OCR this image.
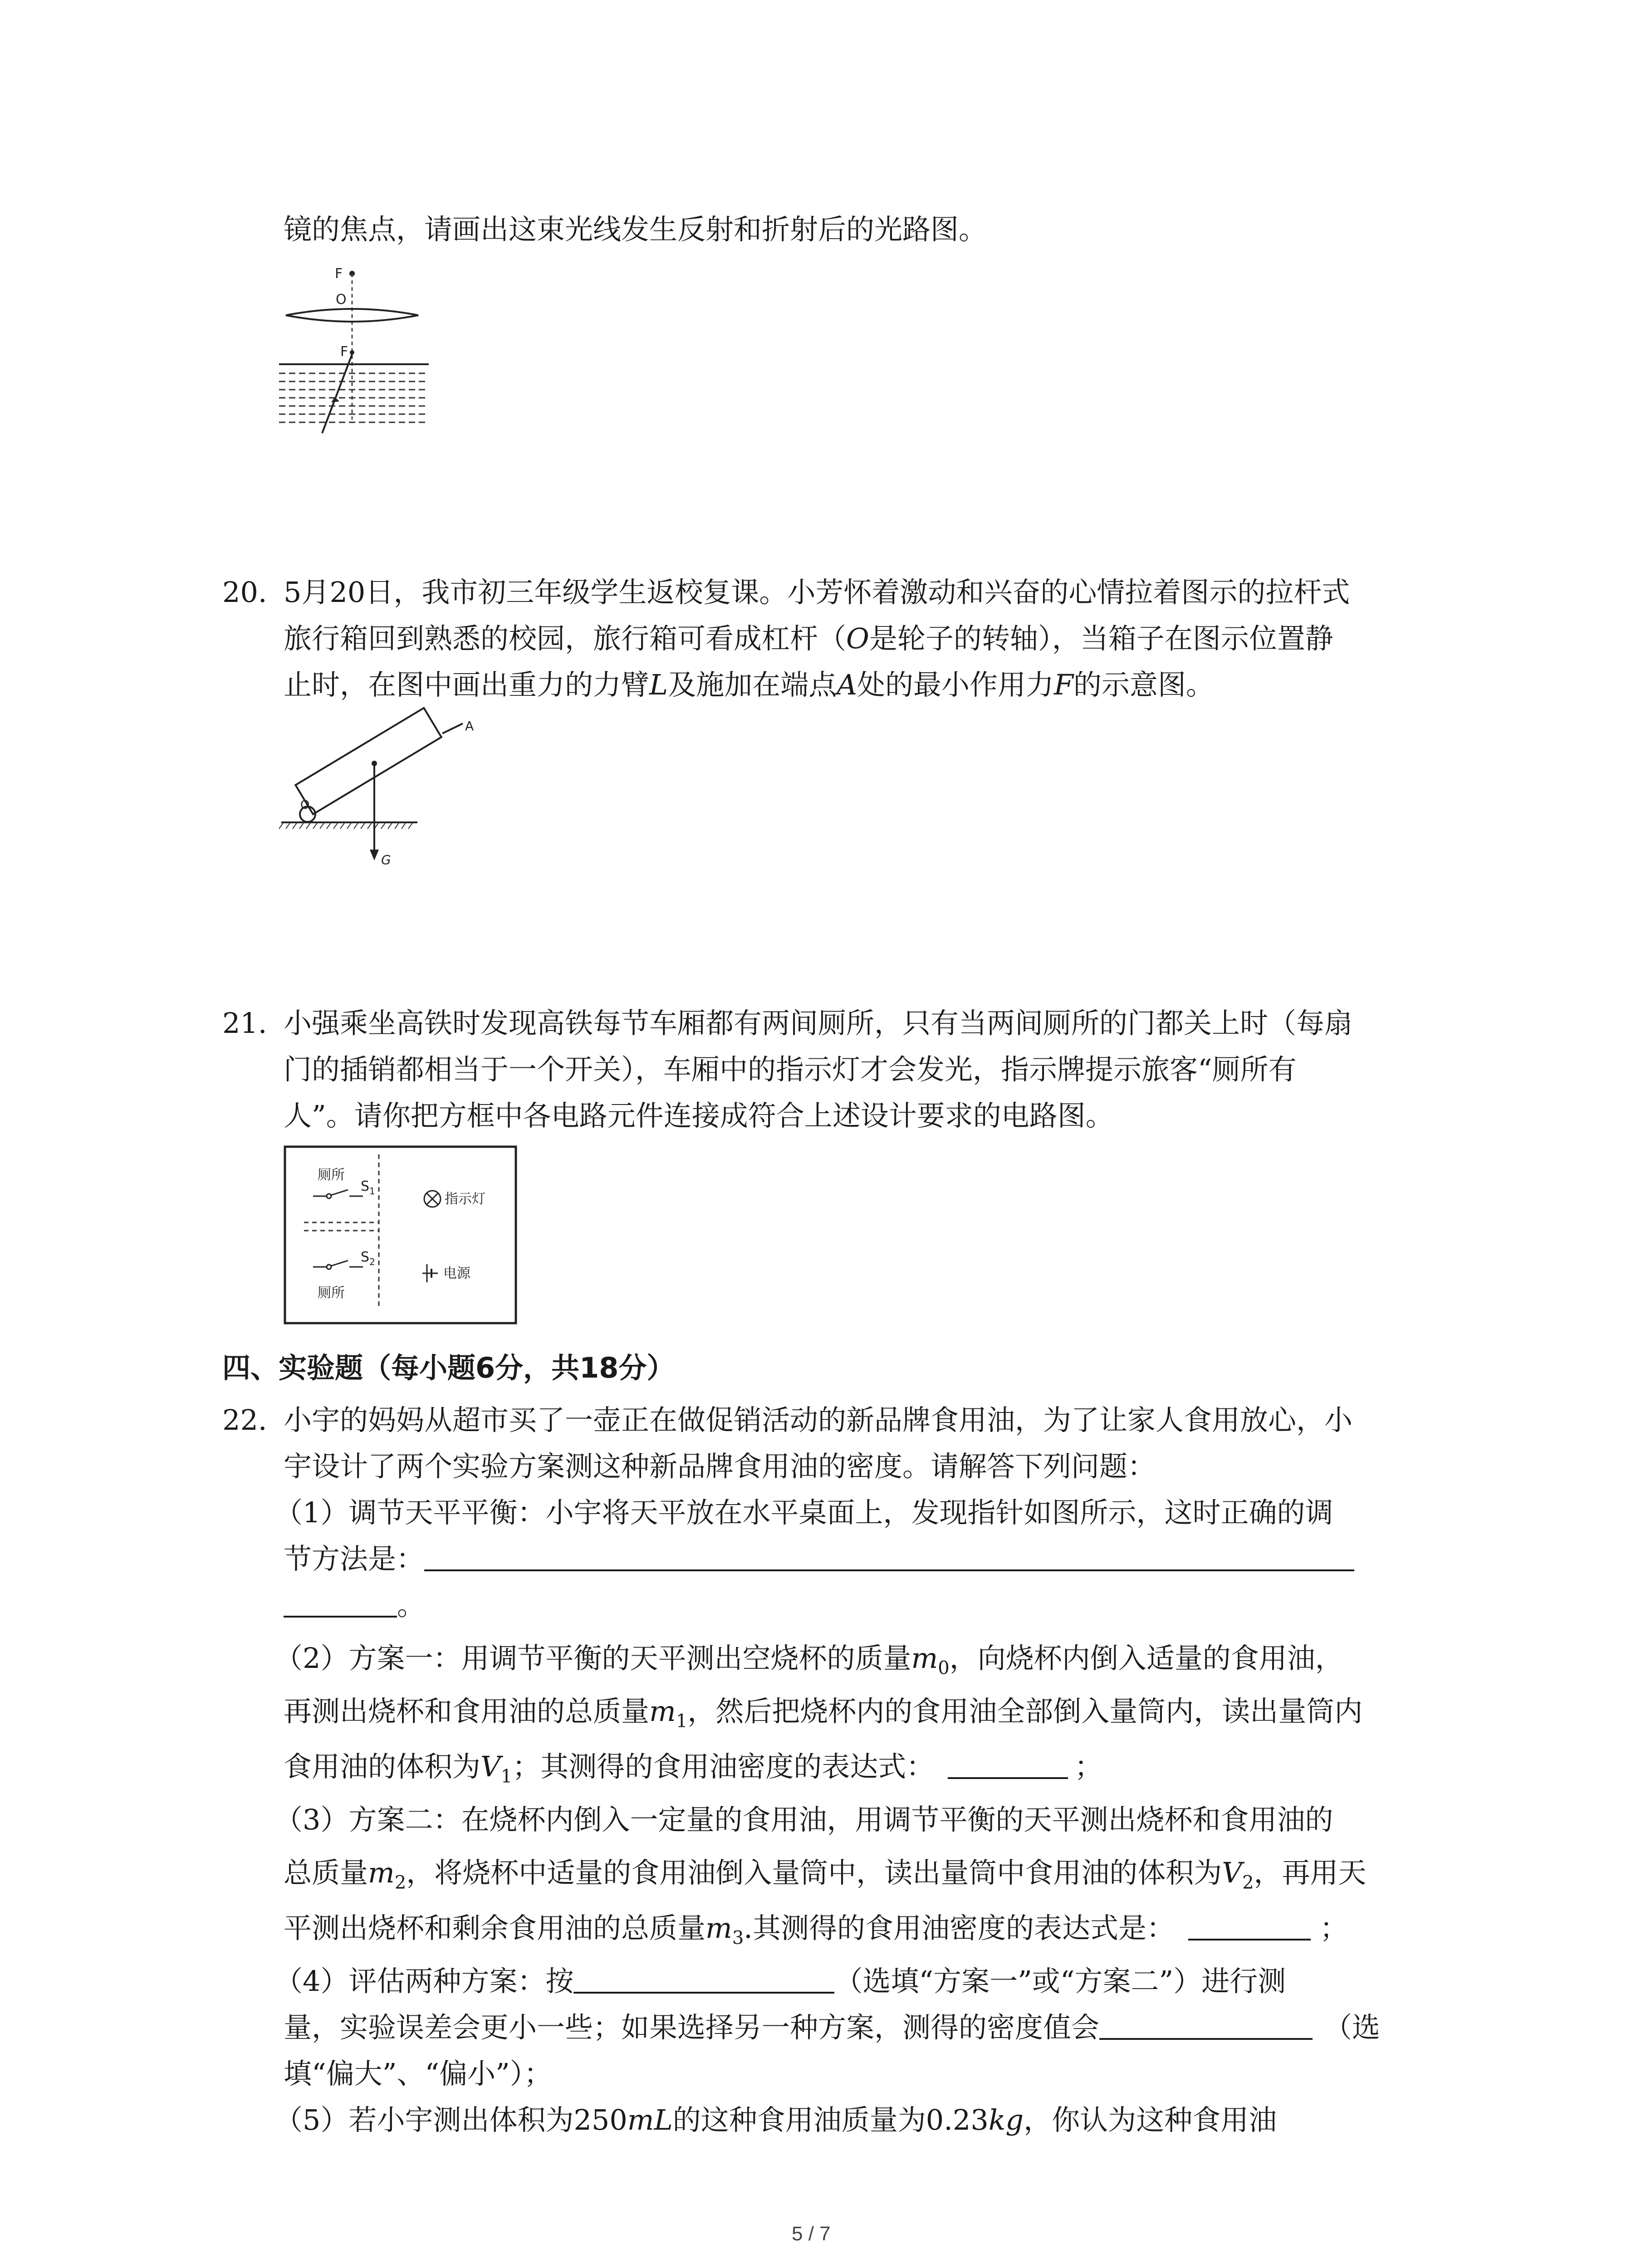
镜的焦点，请画出这束光线发生反射和折射后的光路图。
F
O
F
20. 5月20日，我市初三年级学生返校复课。小芳怀着激动和兴奋的心情拉着图示的拉杆式
旅行箱回到熟悉的校园，旅行箱可看成杠杆（O是轮子的转轴），当箱子在图示位置静
止时，在图中画出重力的力臂L及施加在端点A处的最小作用力F的示意图。
A
O
G
21. 小强乘坐高铁时发现高铁每节车厢都有两间厕所，只有当两间厕所的门都关上时（每扇
门的插销都相当于一个开关），车厢中的指示灯才会发光，指示牌提示旅客“厕所有
人”。请你把方框中各电路元件连接成符合上述设计要求的电路图。
厕所
$S_1$	指示灯
$S_2$
厕所
电源
四、实验题（每小题6分，共18分）
22. 小宇的妈妈从超市买了一壶正在做促销活动的新品牌食用油，为了让家人食用放心，小
宇设计了两个实验方案测这种新品牌食用油的密度。请解答下列问题：
（1）调节天平平衡：小宇将天平放在水平桌面上，发现指针如图所示，这时正确的调
节方法是：
。
（2）方案一：用调节平衡的天平测出空烧杯的质量$m_0$，向烧杯内倒入适量的食用油，
再测出烧杯和食用油的总质量$m_1$，然后把烧杯内的食用油全部倒入量筒内，读出量筒内
食用油的体积为$V_1$；其测得的食用油密度的表达式：	；
（3）方案二：在烧杯内倒入一定量的食用油，用调节平衡的天平测出烧杯和食用油的
总质量$m_2$，将烧杯中适量的食用油倒入量筒中，读出量筒中食用油的体积为$V_2$，再用天
平测出烧杯和剩余食用油的总质量$m_3$.其测得的食用油密度的表达式是：	；
（4）评估两种方案：按	（选填“方案一”或“方案二”）进行测
量，实验误差会更小一些；如果选择另一种方案，测得的密度值会	（选
填“偏大”、“偏小”）；
（5）若小宇测出体积为250mL的这种食用油质量为0.23kg，你认为这种食用油
5 / 7
